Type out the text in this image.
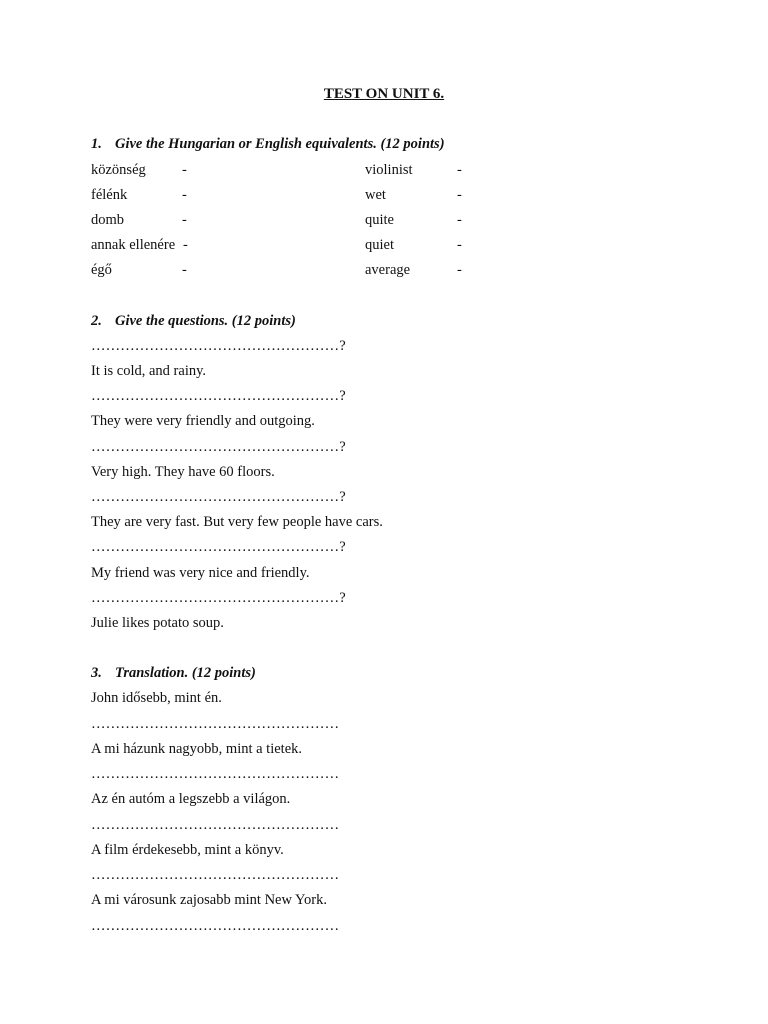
TEST ON UNIT 6.
1. Give the Hungarian or English equivalents. (12 points)
közönség -	violinist	-
félénk	-	wet	-
domb	-	quite	-
annak ellenére -	quiet	-
égő	-	average	-
2. Give the questions. (12 points)
……………………………………………?
It is cold, and rainy.
……………………………………………?
They were very friendly and outgoing.
……………………………………………?
Very high. They have 60 floors.
……………………………………………?
They are very fast. But very few people have cars.
……………………………………………?
My friend was very nice and friendly.
……………………………………………?
Julie likes potato soup.
3. Translation. (12 points)
John idősebb, mint én.
……………………………………………
A mi házunk nagyobb, mint a tietek.
……………………………………………
Az én autóm a legszebb a világon.
……………………………………………
A film érdekesebb, mint a könyv.
……………………………………………
A mi városunk zajosabb mint New York.
……………………………………………
